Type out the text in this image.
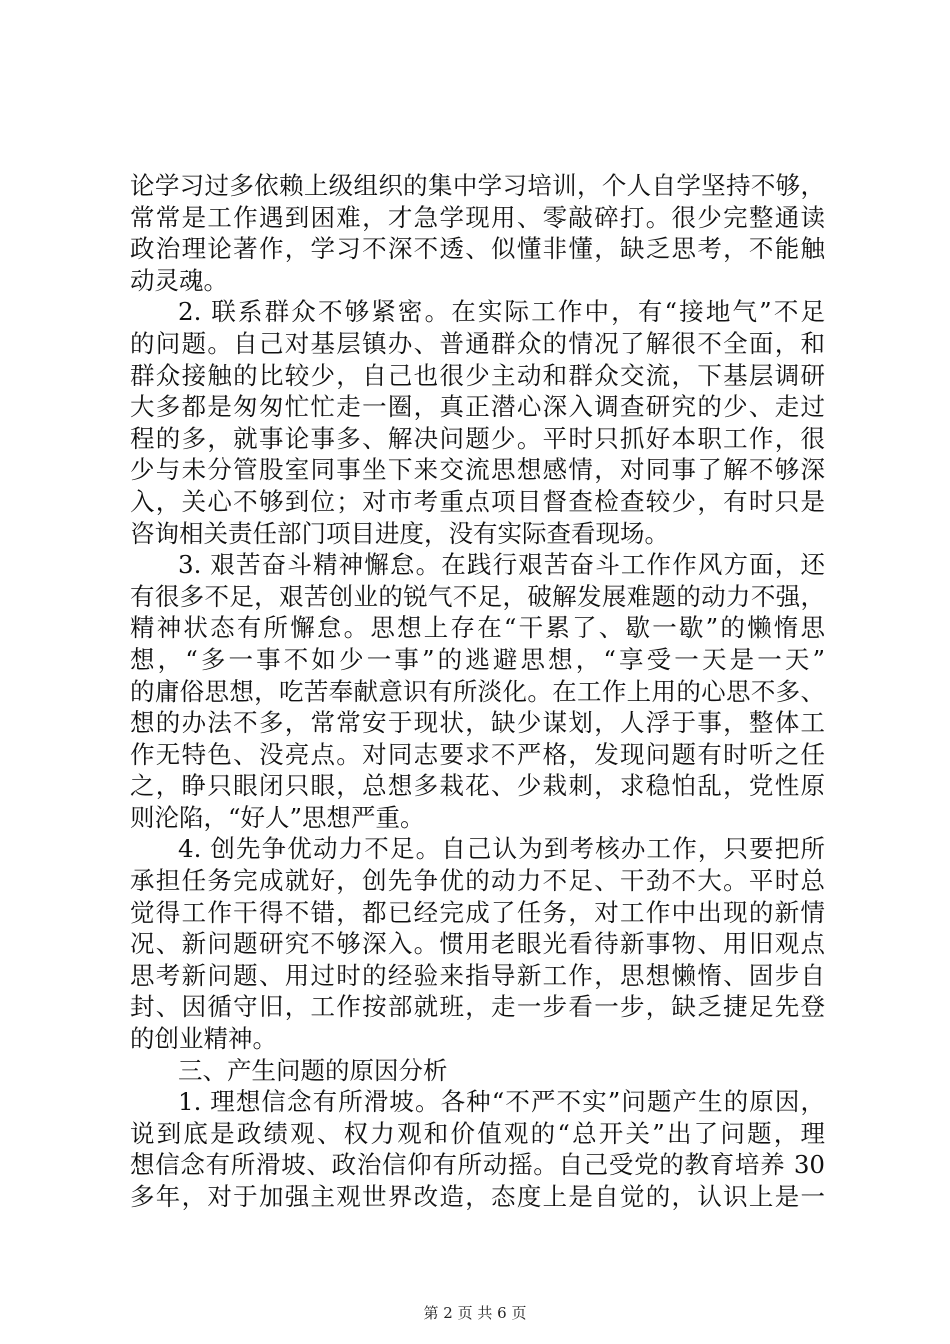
论学习过多依赖上级组织的集中学习培训，个人自学坚持不够，
常常是工作遇到困难，才急学现用、零敲碎打。很少完整通读
政治理论著作，学习不深不透、似懂非懂，缺乏思考，不能触
动灵魂。
2. 联系群众不够紧密。在实际工作中，有“接地气”不足
的问题。自己对基层镇办、普通群众的情况了解很不全面，和
群众接触的比较少，自己也很少主动和群众交流，下基层调研
大多都是匆匆忙忙走一圈，真正潜心深入调查研究的少、走过
程的多，就事论事多、解决问题少。平时只抓好本职工作，很
少与未分管股室同事坐下来交流思想感情，对同事了解不够深
入，关心不够到位；对市考重点项目督查检查较少，有时只是
咨询相关责任部门项目进度，没有实际查看现场。
3. 艰苦奋斗精神懈怠。在践行艰苦奋斗工作作风方面，还
有很多不足，艰苦创业的锐气不足，破解发展难题的动力不强，
精神状态有所懈怠。思想上存在“干累了、歇一歇”的懒惰思
想，“多一事不如少一事”的逃避思想，“享受一天是一天”
的庸俗思想，吃苦奉献意识有所淡化。在工作上用的心思不多、
想的办法不多，常常安于现状，缺少谋划，人浮于事，整体工
作无特色、没亮点。对同志要求不严格，发现问题有时听之任
之，睁只眼闭只眼，总想多栽花、少栽刺，求稳怕乱，党性原
则沦陷，“好人”思想严重。
4. 创先争优动力不足。自己认为到考核办工作，只要把所
承担任务完成就好，创先争优的动力不足、干劲不大。平时总
觉得工作干得不错，都已经完成了任务，对工作中出现的新情
况、新问题研究不够深入。惯用老眼光看待新事物、用旧观点
思考新问题、用过时的经验来指导新工作，思想懒惰、固步自
封、因循守旧，工作按部就班，走一步看一步，缺乏捷足先登
的创业精神。
三、产生问题的原因分析
1. 理想信念有所滑坡。各种“不严不实”问题产生的原因，
说到底是政绩观、权力观和价值观的“总开关”出了问题，理
想信念有所滑坡、政治信仰有所动摇。自己受党的教育培养 30
多年，对于加强主观世界改造，态度上是自觉的，认识上是一
第 2 页 共 6 页
